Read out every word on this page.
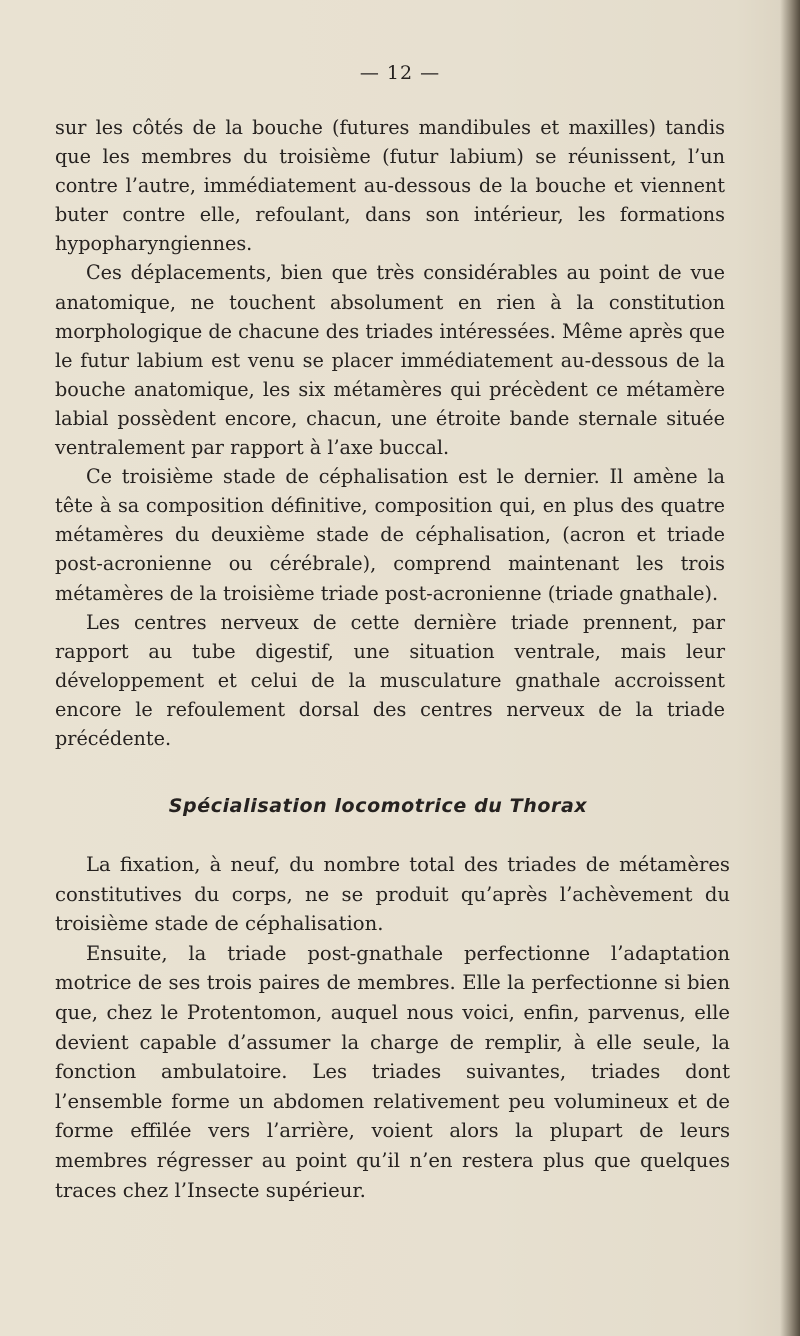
— 12 —

sur les côtés de la bouche (futures mandibules et maxilles) tandis que les membres du troisième (futur labium) se réunissent, l’un contre l’autre, immédiatement au-dessous de la bouche et viennent buter contre elle, refoulant, dans son intérieur, les formations hypopharyngiennes.

Ces déplacements, bien que très considérables au point de vue anatomique, ne touchent absolument en rien à la constitution morphologique de chacune des triades intéressées. Même après que le futur labium est venu se placer immédiatement au-dessous de la bouche anatomique, les six métamères qui précèdent ce métamère labial possèdent encore, chacun, une étroite bande sternale située ventralement par rapport à l’axe buccal.

Ce troisième stade de céphalisation est le dernier. Il amène la tête à sa composition définitive, composition qui, en plus des quatre métamères du deuxième stade de céphalisation, (acron et triade post-acronienne ou cérébrale), comprend maintenant les trois métamères de la troisième triade post-acronienne (triade gnathale).

Les centres nerveux de cette dernière triade prennent, par rapport au tube digestif, une situation ventrale, mais leur développement et celui de la musculature gnathale accroissent encore le refoulement dorsal des centres nerveux de la triade précédente.

Spécialisation locomotrice du Thorax

La fixation, à neuf, du nombre total des triades de métamères constitutives du corps, ne se produit qu’après l’achèvement du troisième stade de céphalisation.

Ensuite, la triade post-gnathale perfectionne l’adaptation motrice de ses trois paires de membres. Elle la perfectionne si bien que, chez le Protentomon, auquel nous voici, enfin, parvenus, elle devient capable d’assumer la charge de remplir, à elle seule, la fonction ambulatoire. Les triades suivantes, triades dont l’ensemble forme un abdomen relativement peu volumineux et de forme effilée vers l’arrière, voient alors la plupart de leurs membres régresser au point qu’il n’en restera plus que quelques traces chez l’Insecte supérieur.
